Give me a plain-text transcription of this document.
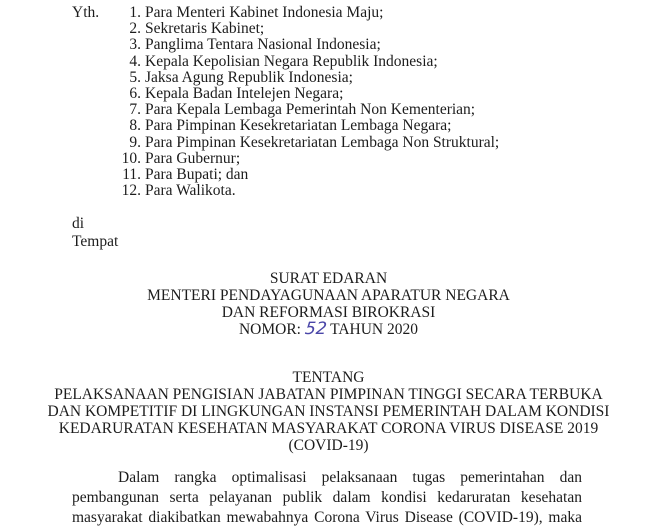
Yth.	1. Para Menteri Kabinet Indonesia Maju;
2. Sekretaris Kabinet;
3. Panglima Tentara Nasional Indonesia;
4. Kepala Kepolisian Negara Republik Indonesia;
5. Jaksa Agung Republik Indonesia;
6. Kepala Badan Intelejen Negara;
7. Para Kepala Lembaga Pemerintah Non Kementerian;
8. Para Pimpinan Kesekretariatan Lembaga Negara;
9. Para Pimpinan Kesekretariatan Lembaga Non Struktural;
10. Para Gubernur;
11. Para Bupati; dan
12. Para Walikota.
di
Tempat
SURAT EDARAN
MENTERI PENDAYAGUNAAN APARATUR NEGARA
DAN REFORMASI BIROKRASI
NOMOR: 52 TAHUN 2020
TENTANG
PELAKSANAAN PENGISIAN JABATAN PIMPINAN TINGGI SECARA TERBUKA
DAN KOMPETITIF DI LINGKUNGAN INSTANSI PEMERINTAH DALAM KONDISI
KEDARURATAN KESEHATAN MASYARAKAT CORONA VIRUS DISEASE 2019
(COVID-19)
Dalam rangka optimalisasi pelaksanaan tugas pemerintahan dan
pembangunan serta pelayanan publik dalam kondisi kedaruratan kesehatan
masyarakat diakibatkan mewabahnya Corona Virus Disease (COVID-19), maka
